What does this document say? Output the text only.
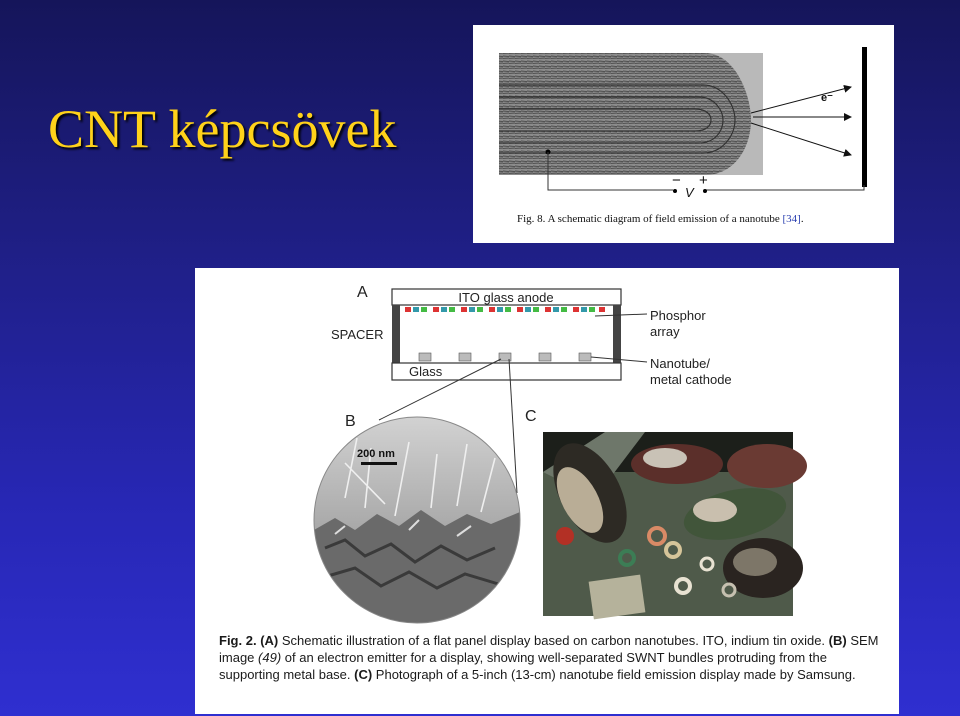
CNT képcsövek
e⁻
− +
V
Fig. 8. A schematic diagram of field emission of a nanotube [34].
A	ITO glass anode
Glass
SPACER
Phosphor
array
Nanotube/
metal cathode
B	C
200 nm
Fig. 2. (A) Schematic illustration of a flat panel display based on carbon nanotubes. ITO, indium tin oxide. (B) SEM image (49) of an electron emitter for a display, showing well-separated SWNT bundles protruding from the supporting metal base. (C) Photograph of a 5-inch (13-cm) nanotube field emission display made by Samsung.
